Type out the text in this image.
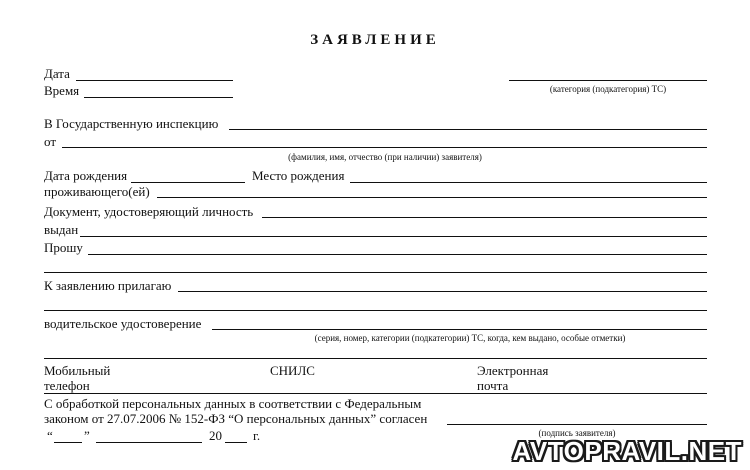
ЗАЯВЛЕНИЕ
Дата
Время	(категория (подкатегория) ТС)
В Государственную инспекцию
от
(фамилия, имя, отчество (при наличии) заявителя)
Дата рождения	Место рождения
проживающего(ей)
Документ, удостоверяющий личность
выдан
Прошу
К заявлению прилагаю
водительское удостоверение
(серия, номер, категории (подкатегории) ТС, когда, кем выдано, особые отметки)
Мобильный
телефон
СНИЛС	Электронная
почта
С обработкой персональных данных в соответствии с Федеральным
законом от 27.07.2006 № 152-ФЗ “О персональных данных” согласен
(подпись заявителя)
“ ”	20 г.
AVTOPRAVIL.NET
